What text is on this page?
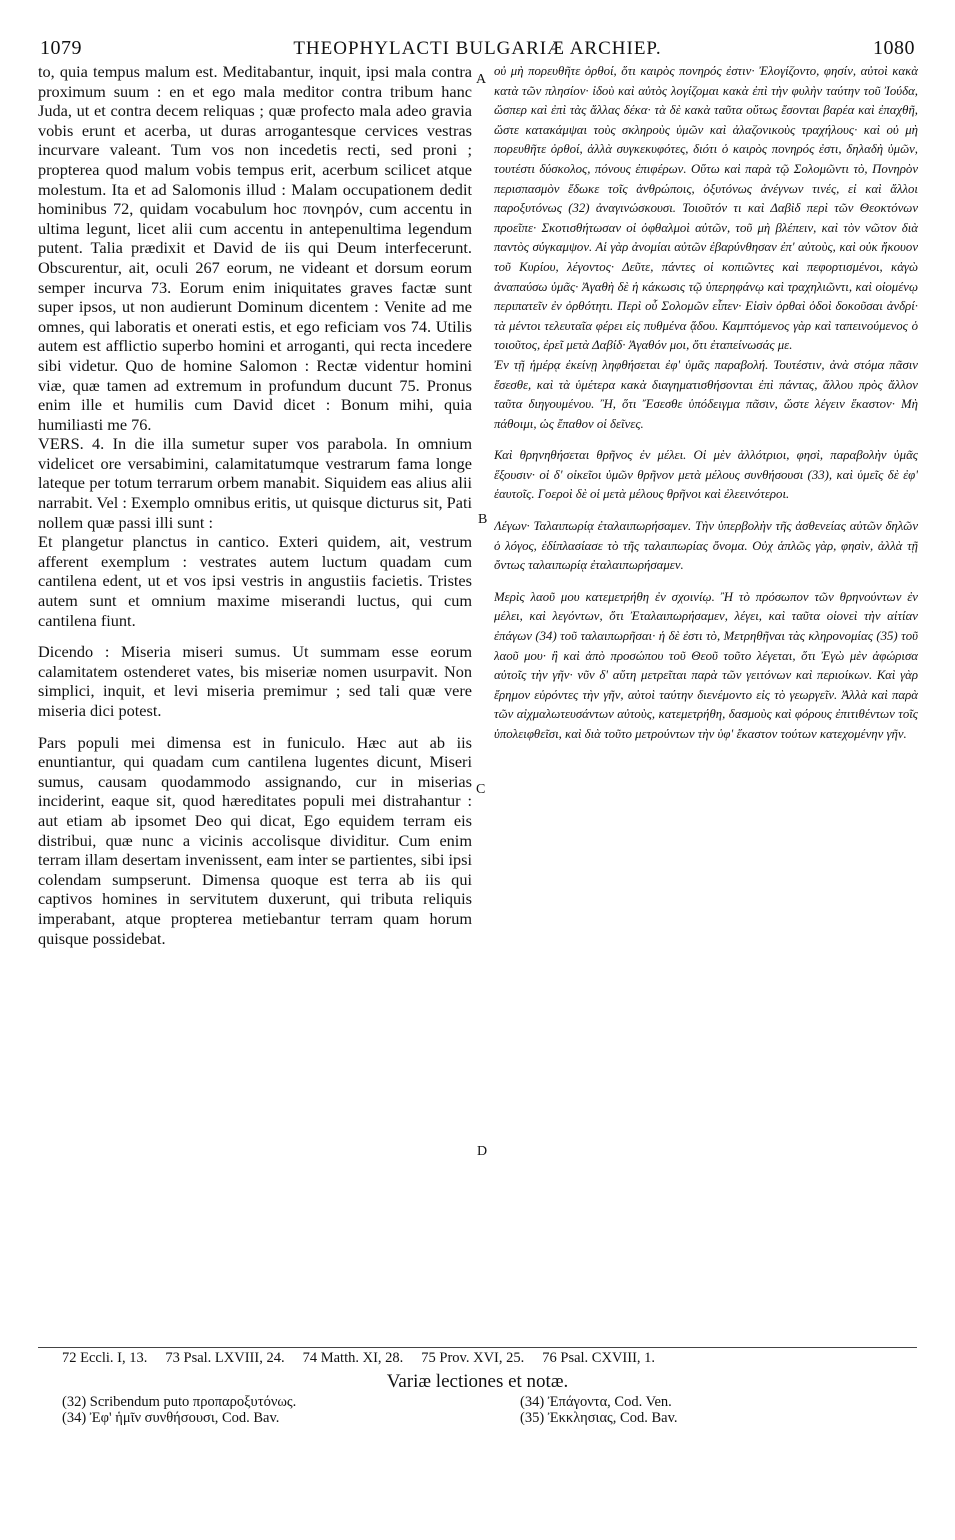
1079	THEOPHYLACTI BULGARIÆ ARCHIEP.	1080
A
B
C
D

to, quia tempus malum est. Meditabantur, inquit, ipsi mala contra proximum suum : en et ego mala meditor contra tribum hanc Juda, ut et contra decem reliquas ; quæ profecto mala adeo gravia vobis erunt et acerba, ut duras arrogantesque cervices vestras incurvare valeant. Tum vos non incedetis recti, sed proni ; propterea quod malum vobis tempus erit, acerbum scilicet atque molestum. Ita et ad Salomonis illud : Malam occupationem dedit hominibus 72, quidam vocabulum hoc πονηρόν, cum accentu in ultima legunt, licet alii cum accentu in antepenultima legendum putent. Talia prædixit et David de iis qui Deum interfecerunt. Obscurentur, ait, oculi 267 eorum, ne videant et dorsum eorum semper incurva 73. Eorum enim iniquitates graves factæ sunt super ipsos, ut non audierunt Dominum dicentem : Venite ad me omnes, qui laboratis et onerati estis, et ego reficiam vos 74. Utilis autem est afflictio superbo homini et arroganti, qui recta incedere sibi videtur. Quo de homine Salomon : Rectæ videntur homini viæ, quæ tamen ad extremum in profundum ducunt 75. Pronus enim ille et humilis cum David dicet : Bonum mihi, quia humiliasti me 76.

VERS. 4. In die illa sumetur super vos parabola. In omnium videlicet ore versabimini, calamitatumque vestrarum fama longe lateque per totum terrarum orbem manabit. Siquidem eas alius alii narrabit. Vel : Exemplo omnibus eritis, ut quisque dicturus sit, Pati nollem quæ passi illi sunt :

Et plangetur planctus in cantico. Exteri quidem, ait, vestrum afferent exemplum : vestrates autem luctum quadam cum cantilena edent, ut et vos ipsi vestris in angustiis facietis. Tristes autem sunt et omnium maxime miserandi luctus, qui cum cantilena fiunt.

Dicendo : Miseria miseri sumus. Ut summam esse eorum calamitatem ostenderet vates, bis miseriæ nomen usurpavit. Non simplici, inquit, et levi miseria premimur ; sed tali quæ vere miseria dici potest.

Pars populi mei dimensa est in funiculo. Hæc aut ab iis enuntiantur, qui quadam cum cantilena lugentes dicunt, Miseri sumus, causam quodammodo assignando, cur in miserias inciderint, eaque sit, quod hæreditates populi mei distrahantur : aut etiam ab ipsomet Deo qui dicat, Ego equidem terram eis distribui, quæ nunc a vicinis accolisque dividitur. Cum enim terram illam desertam invenissent, eam inter se partientes, sibi ipsi colendam sumpserunt. Dimensa quoque est terra ab iis qui captivos homines in servitutem duxerunt, qui tributa reliquis imperabant, atque propterea metiebantur terram quam horum quisque possidebat.

οὐ μὴ πορευθῆτε ὀρθοί, ὅτι καιρὸς πονηρός ἐστιν· Ἐλογίζοντο, φησίν, αὐτοὶ κακὰ κατὰ τῶν πλησίον· ἰδοὺ καὶ αὐτὸς λογίζομαι κακὰ ἐπὶ τὴν φυλὴν ταύτην τοῦ Ἰούδα, ὥσπερ καὶ ἐπὶ τὰς ἄλλας δέκα· τὰ δὲ κακὰ ταῦτα οὕτως ἔσονται βαρέα καὶ ἐπαχθῆ, ὥστε κατακάμψαι τοὺς σκληροὺς ὑμῶν καὶ ἀλαζονικοὺς τραχήλους· καὶ οὐ μὴ πορευθῆτε ὀρθοί, ἀλλὰ συγκεκυφότες, διότι ὁ καιρὸς πονηρός ἐστι, δηλαδὴ ὑμῶν, τουτέστι δύσκολος, πόνους ἐπιφέρων. Οὕτω καὶ παρὰ τῷ Σολομῶντι τὸ, Πονηρὸν περισπασμὸν ἔδωκε τοῖς ἀνθρώποις, ὀξυτόνως ἀνέγνων τινές, εἰ καὶ ἄλλοι παροξυτόνως (32) ἀναγινώσκουσι. Τοιοῦτόν τι καὶ Δαβὶδ περὶ τῶν Θεοκτόνων προεῖπε· Σκοτισθήτωσαν οἱ ὀφθαλμοὶ αὐτῶν, τοῦ μὴ βλέπειν, καὶ τὸν νῶτον διὰ παντὸς σύγκαμψον. Αἱ γὰρ ἀνομίαι αὐτῶν ἐβαρύνθησαν ἐπ' αὐτοὺς, καὶ οὐκ ἤκουον τοῦ Κυρίου, λέγοντος· Δεῦτε, πάντες οἱ κοπιῶντες καὶ πεφορτισμένοι, κἀγὼ ἀναπαύσω ὑμᾶς· Ἀγαθὴ δὲ ἡ κάκωσις τῷ ὑπερηφάνῳ καὶ τραχηλιῶντι, καὶ οἰομένῳ περιπατεῖν ἐν ὀρθότητι. Περὶ οὗ Σολομῶν εἶπεν· Εἰσὶν ὀρθαὶ ὁδοὶ δοκοῦσαι ἀνδρί· τὰ μέντοι τελευταῖα φέρει εἰς πυθμένα ᾅδου. Καμπτόμενος γὰρ καὶ ταπεινούμενος ὁ τοιοῦτος, ἐρεῖ μετὰ Δαβίδ· Ἀγαθόν μοι, ὅτι ἐταπείνωσάς με.

Ἐν τῇ ἡμέρᾳ ἐκείνῃ ληφθήσεται ἐφ' ὑμᾶς παραβολή. Τουτέστιν, ἀνὰ στόμα πᾶσιν ἔσεσθε, καὶ τὰ ὑμέτερα κακὰ διαγηματισθήσονται ἐπὶ πάντας, ἄλλου πρὸς ἄλλον ταῦτα διηγουμένου. Ἢ, ὅτι Ἔσεσθε ὑπόδειγμα πᾶσιν, ὥστε λέγειν ἕκαστον· Μὴ πάθοιμι, ὡς ἔπαθον οἱ δεῖνες.

Καὶ θρηνηθήσεται θρῆνος ἐν μέλει. Οἱ μὲν ἀλλότριοι, φησὶ, παραβολὴν ὑμᾶς ἕξουσιν· οἱ δ' οἰκεῖοι ὑμῶν θρῆνον μετὰ μέλους συνθήσουσι (33), καὶ ὑμεῖς δὲ ἐφ' ἑαυτοῖς. Γοεροὶ δὲ οἱ μετὰ μέλους θρῆνοι καὶ ἐλεεινότεροι.

Λέγων· Ταλαιπωρίᾳ ἐταλαιπωρήσαμεν. Τὴν ὑπερβολὴν τῆς ἀσθενείας αὐτῶν δηλῶν ὁ λόγος, ἐδίπλασίασε τὸ τῆς ταλαιπωρίας ὄνομα. Οὐχ ἁπλῶς γὰρ, φησὶν, ἀλλὰ τῇ ὄντως ταλαιπωρίᾳ ἐταλαιπωρήσαμεν.

Μερὶς λαοῦ μου κατεμετρήθη ἐν σχοινίῳ. Ἢ τὸ πρόσωπον τῶν θρηνούντων ἐν μέλει, καὶ λεγόντων, ὅτι Ἐταλαιπωρήσαμεν, λέγει, καὶ ταῦτα οἱονεὶ τὴν αἰτίαν ἐπάγων (34) τοῦ ταλαιπωρῆσαι· ἡ δὲ ἐστι τὸ, Μετρηθῆναι τὰς κληρονομίας (35) τοῦ λαοῦ μου· ἢ καὶ ἀπὸ προσώπου τοῦ Θεοῦ τοῦτο λέγεται, ὅτι Ἐγὼ μὲν ἀφώρισα αὐτοῖς τὴν γῆν· νῦν δ' αὕτη μετρεῖται παρὰ τῶν γειτόνων καὶ περιοίκων. Καὶ γὰρ ἔρημον εὑρόντες τὴν γῆν, αὐτοὶ ταύτην διενέμοντο εἰς τὸ γεωργεῖν. Ἀλλὰ καὶ παρὰ τῶν αἰχμαλωτευσάντων αὐτοὺς, κατεμετρήθη, δασμοὺς καὶ φόρους ἐπιτιθέντων τοῖς ὑπολειφθεῖσι, καὶ διὰ τοῦτο μετρούντων τὴν ὑφ' ἕκαστον τούτων κατεχομένην γῆν.

72 Eccli. I, 13. 73 Psal. LXVIII, 24. 74 Matth. XI, 28. 75 Prov. XVI, 25. 76 Psal. CXVIII, 1.
Variæ lectiones et notæ.
(32) Scribendum puto προπαροξυτόνως.
(34) Ἐφ' ἡμῖν συνθήσουσι, Cod. Bav.
(34) Ἐπάγοντα, Cod. Ven.
(35) Ἐκκλησιας, Cod. Bav.
